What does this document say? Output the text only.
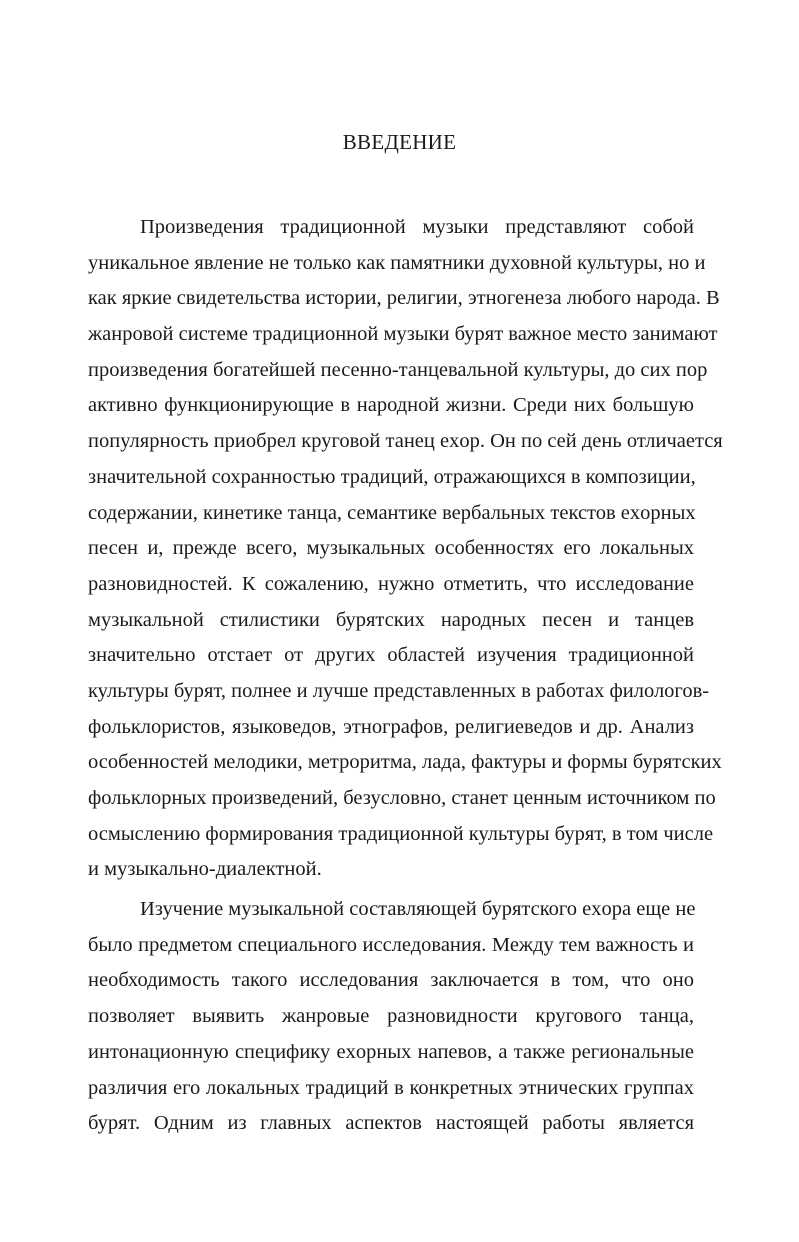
ВВЕДЕНИЕ
Произведения традиционной музыки представляют собой
уникальное явление не только как памятники духовной культуры, но и
как яркие свидетельства истории, религии, этногенеза любого народа. В
жанровой системе традиционной музыки бурят важное место занимают
произведения богатейшей песенно-танцевальной культуры, до сих пор
активно функционирующие в народной жизни. Среди них большую
популярность приобрел круговой танец exop. Он по сей день отличается
значительной сохранностью традиций, отражающихся в композиции,
содержании, кинетике танца, семантике вербальных текстов exорных
песен и, прежде всего, музыкальных особенностях его локальных
разновидностей. К сожалению, нужно отметить, что исследование
музыкальной стилистики бурятских народных песен и танцев
значительно отстает от других областей изучения традиционной
культуры бурят, полнее и лучше представленных в работах филологов-
фольклористов, языковедов, этнографов, религиеведов и др. Анализ
особенностей мелодики, метроритма, лада, фактуры и формы бурятских
фольклорных произведений, безусловно, станет ценным источником по
осмыслению формирования традиционной культуры бурят, в том числе
и музыкально-диалектной.
Изучение музыкальной составляющей бурятского exoра еще не
было предметом специального исследования. Между тем важность и
необходимость такого исследования заключается в том, что оно
позволяет выявить жанровые разновидности кругового танца,
интонационную специфику exорных напевов, а также региональные
различия его локальных традиций в конкретных этнических группах
бурят. Одним из главных аспектов настоящей работы является
